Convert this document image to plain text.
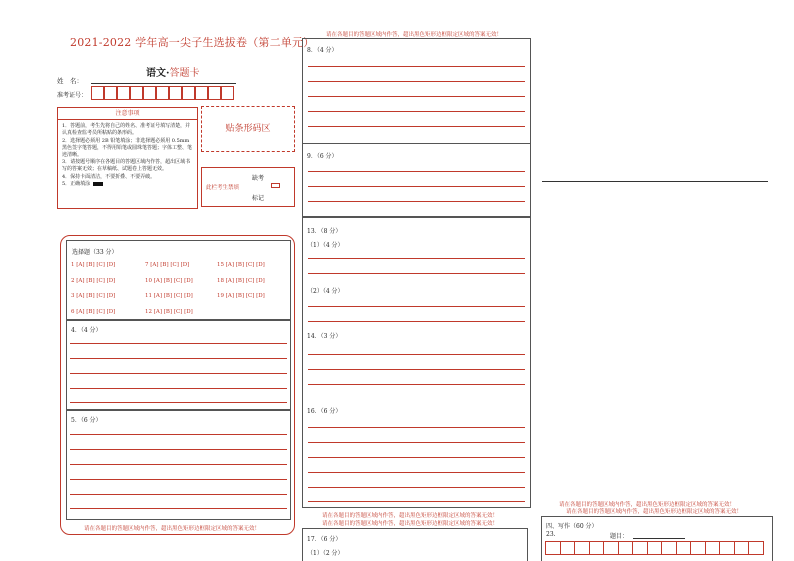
2021-2022 学年高一尖子生选拔卷（第二单元）
语文·答题卡
姓　名：
准考证号：
注意事项
1．答题前，考生先将自己的姓名、准考证号填写清楚，并认真检查监考员所粘贴的条形码。
2．选择题必须用 2B 铅笔填涂；非选择题必须用 0.5mm 黑色签字笔答题，不得用铅笔或圆珠笔答题；字体工整、笔迹清晰。
3．请按题号顺序在各题目的答题区域内作答，超出区域书写的答案无效；在草稿纸、试题卷上答题无效。
4．保持卡面清洁，不要折叠、不要弄破。
5．正确填涂
贴条形码区
此栏考生禁填
缺考
标记
选择题（33 分）
1 [A] [B] [C] [D]
2 [A] [B] [C] [D]
3 [A] [B] [C] [D]
6 [A] [B] [C] [D]
7 [A] [B] [C] [D]
10 [A] [B] [C] [D]
11 [A] [B] [C] [D]
12 [A] [B] [C] [D]
15 [A] [B] [C] [D]
18 [A] [B] [C] [D]
19 [A] [B] [C] [D]
4．（4 分）
5．（6 分）
请在各题目的答题区域内作答，超出黑色矩形边框限定区域的答案无效！
请在各题目的答题区域内作答，超出黑色矩形边框限定区域的答案无效！
8．（4 分）
9．（6 分）
13．（8 分）
（1）（4 分）
（2）（4 分）
14．（3 分）
16．（6 分）
请在各题目的答题区域内作答，超出黑色矩形边框限定区域的答案无效！
请在各题目的答题区域内作答，超出黑色矩形边框限定区域的答案无效！
17．（6 分）
（1）（2 分）
请在各题目的答题区域内作答，超出黑色矩形边框限定区域的答案无效！
请在各题目的答题区域内作答，超出黑色矩形边框限定区域的答案无效！
四、写作（60 分）
23.	题目：
